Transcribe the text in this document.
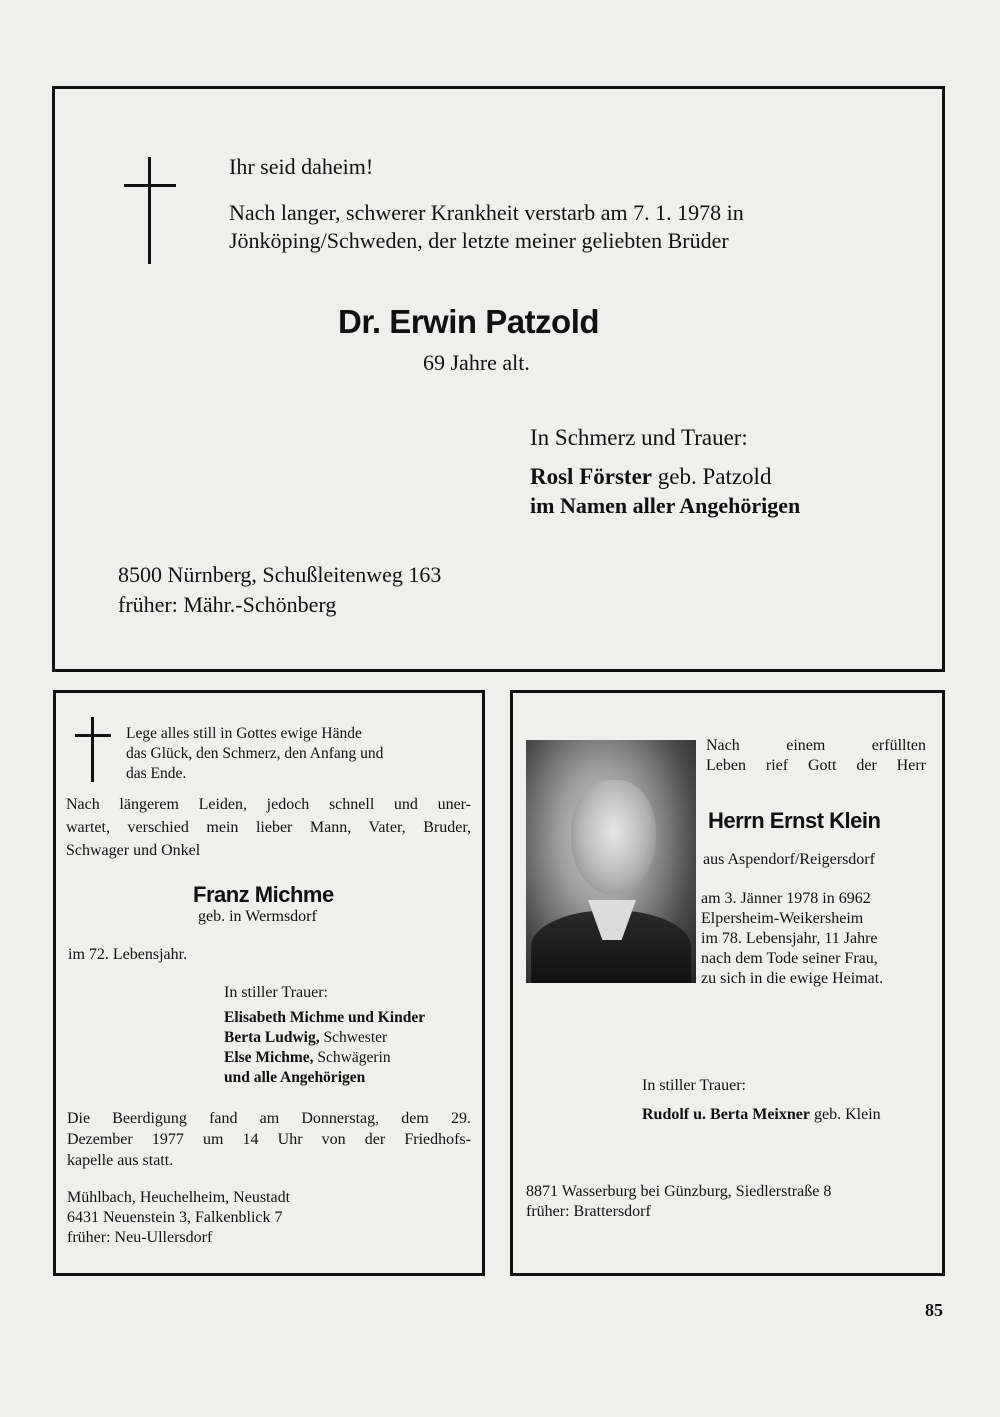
Ihr seid daheim!
Nach langer, schwerer Krankheit verstarb am 7. 1. 1978 in
Jönköping/Schweden, der letzte meiner geliebten Brüder
Dr. Erwin Patzold
69 Jahre alt.
In Schmerz und Trauer:
Rosl Förster geb. Patzold
im Namen aller Angehörigen
8500 Nürnberg, Schußleitenweg 163
früher: Mähr.-Schönberg
Lege alles still in Gottes ewige Hände
das Glück, den Schmerz, den Anfang und
das Ende.
Nach längerem Leiden, jedoch schnell und uner-
wartet, verschied mein lieber Mann, Vater, Bruder,
Schwager und Onkel
Franz Michme
geb. in Wermsdorf
im 72. Lebensjahr.
In stiller Trauer:
Elisabeth Michme und Kinder
Berta Ludwig, Schwester
Else Michme, Schwägerin
und alle Angehörigen
Die Beerdigung fand am Donnerstag, dem 29.
Dezember 1977 um 14 Uhr von der Friedhofs-
kapelle aus statt.
Mühlbach, Heuchelheim, Neustadt
6431 Neuenstein 3, Falkenblick 7
früher: Neu-Ullersdorf
Nach einem erfüllten
Leben rief Gott der Herr
Herrn Ernst Klein
aus Aspendorf/Reigersdorf
am 3. Jänner 1978 in 6962
Elpersheim-Weikersheim
im 78. Lebensjahr, 11 Jahre
nach dem Tode seiner Frau,
zu sich in die ewige Heimat.
In stiller Trauer:
Rudolf u. Berta Meixner geb. Klein
8871 Wasserburg bei Günzburg, Siedlerstraße 8
früher: Brattersdorf
85
